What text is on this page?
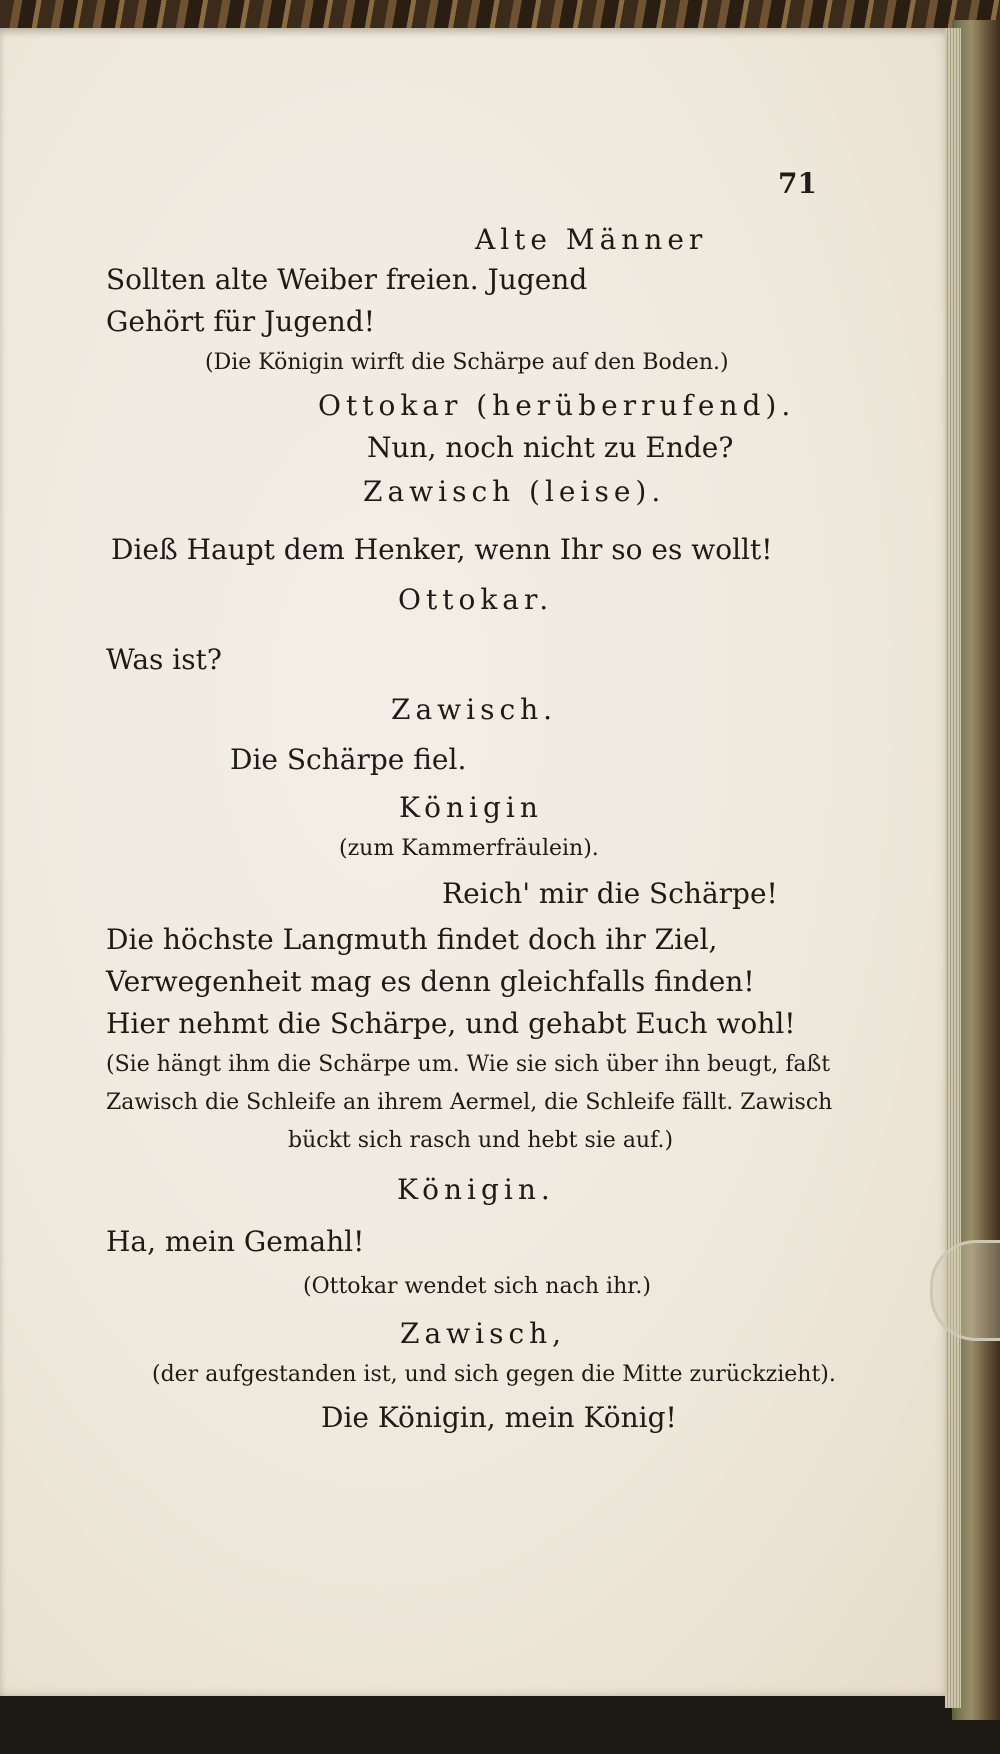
71
Alte Männer
Sollten alte Weiber freien. Jugend
Gehört für Jugend!
(Die Königin wirft die Schärpe auf den Boden.)
Ottokar (herüberrufend).
Nun, noch nicht zu Ende?
Zawisch (leise).
Dieß Haupt dem Henker, wenn Ihr so es wollt!
Ottokar.
Was ist?
Zawisch.
Die Schärpe fiel.
Königin
(zum Kammerfräulein).
Reich' mir die Schärpe!
Die höchste Langmuth findet doch ihr Ziel,
Verwegenheit mag es denn gleichfalls finden!
Hier nehmt die Schärpe, und gehabt Euch wohl!
(Sie hängt ihm die Schärpe um. Wie sie sich über ihn beugt, faßt
Zawisch die Schleife an ihrem Aermel, die Schleife fällt. Zawisch
bückt sich rasch und hebt sie auf.)
Königin.
Ha, mein Gemahl!
(Ottokar wendet sich nach ihr.)
Zawisch,
(der aufgestanden ist, und sich gegen die Mitte zurückzieht).
Die Königin, mein König!
